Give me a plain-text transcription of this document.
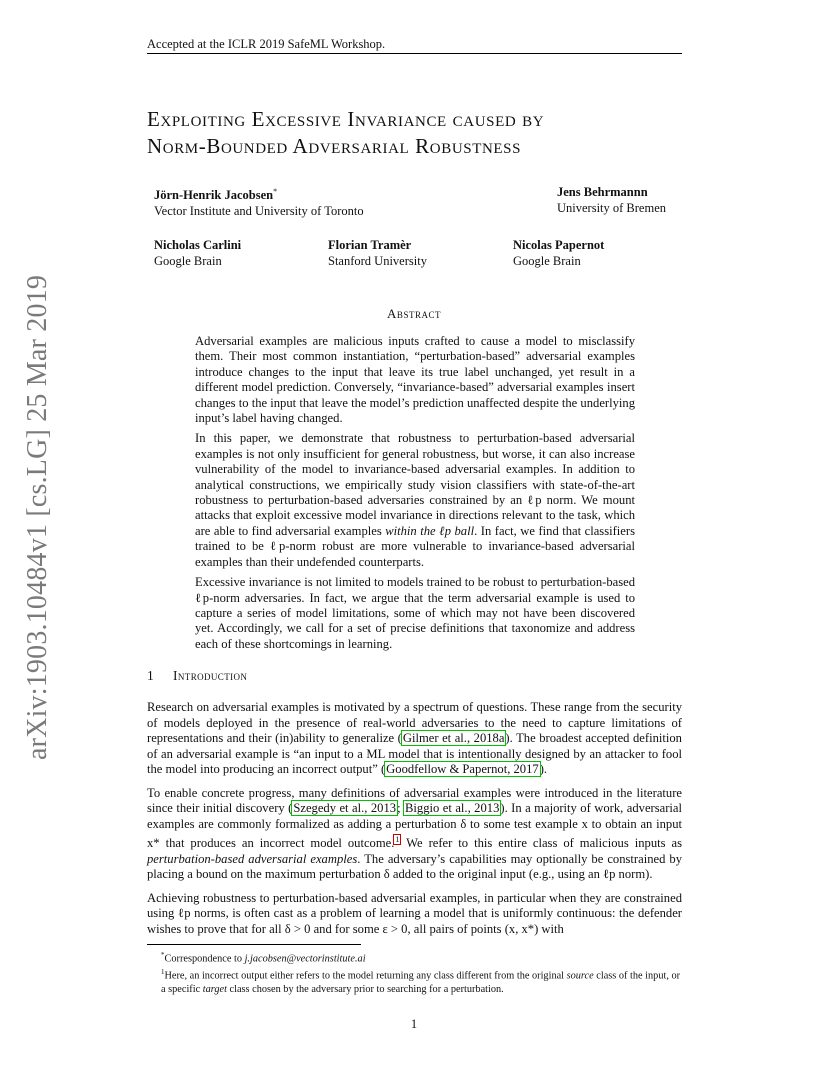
Accepted at the ICLR 2019 SafeML Workshop.
arXiv:1903.10484v1 [cs.LG] 25 Mar 2019
Exploiting Excessive Invariance caused by
Norm-Bounded Adversarial Robustness
Jörn-Henrik Jacobsen*
Vector Institute and University of Toronto
Jens Behrmannn
University of Bremen
Nicholas Carlini
Google Brain
Florian Tramèr
Stanford University
Nicolas Papernot
Google Brain
Abstract

Adversarial examples are malicious inputs crafted to cause a model to misclassify them. Their most common instantiation, “perturbation-based” adversarial examples introduce changes to the input that leave its true label unchanged, yet result in a different model prediction. Conversely, “invariance-based” adversarial examples insert changes to the input that leave the model’s prediction unaffected despite the underlying input’s label having changed.

In this paper, we demonstrate that robustness to perturbation-based adversarial examples is not only insufficient for general robustness, but worse, it can also increase vulnerability of the model to invariance-based adversarial examples. In addition to analytical constructions, we empirically study vision classifiers with state-of-the-art robustness to perturbation-based adversaries constrained by an ℓp norm. We mount attacks that exploit excessive model invariance in directions relevant to the task, which are able to find adversarial examples within the ℓp ball. In fact, we find that classifiers trained to be ℓp-norm robust are more vulnerable to invariance-based adversarial examples than their undefended counterparts.

Excessive invariance is not limited to models trained to be robust to perturbation-based ℓp-norm adversaries. In fact, we argue that the term adversarial example is used to capture a series of model limitations, some of which may not have been discovered yet. Accordingly, we call for a set of precise definitions that taxonomize and address each of these shortcomings in learning.

1 Introduction

Research on adversarial examples is motivated by a spectrum of questions. These range from the security of models deployed in the presence of real-world adversaries to the need to capture limitations of representations and their (in)ability to generalize (Gilmer et al., 2018a). The broadest accepted definition of an adversarial example is “an input to a ML model that is intentionally designed by an attacker to fool the model into producing an incorrect output” (Goodfellow & Papernot, 2017).

To enable concrete progress, many definitions of adversarial examples were introduced in the literature since their initial discovery (Szegedy et al., 2013; Biggio et al., 2013). In a majority of work, adversarial examples are commonly formalized as adding a perturbation δ to some test example x to obtain an input x* that produces an incorrect model outcome.$^1$ We refer to this entire class of malicious inputs as perturbation-based adversarial examples. The adversary’s capabilities may optionally be constrained by placing a bound on the maximum perturbation δ added to the original input (e.g., using an ℓp norm).

Achieving robustness to perturbation-based adversarial examples, in particular when they are constrained using ℓp norms, is often cast as a problem of learning a model that is uniformly continuous: the defender wishes to prove that for all δ > 0 and for some ε > 0, all pairs of points (x, x*) with

*Correspondence to j.jacobsen@vectorinstitute.ai

$^1$Here, an incorrect output either refers to the model returning any class different from the original source class of the input, or a specific target class chosen by the adversary prior to searching for a perturbation.

1
